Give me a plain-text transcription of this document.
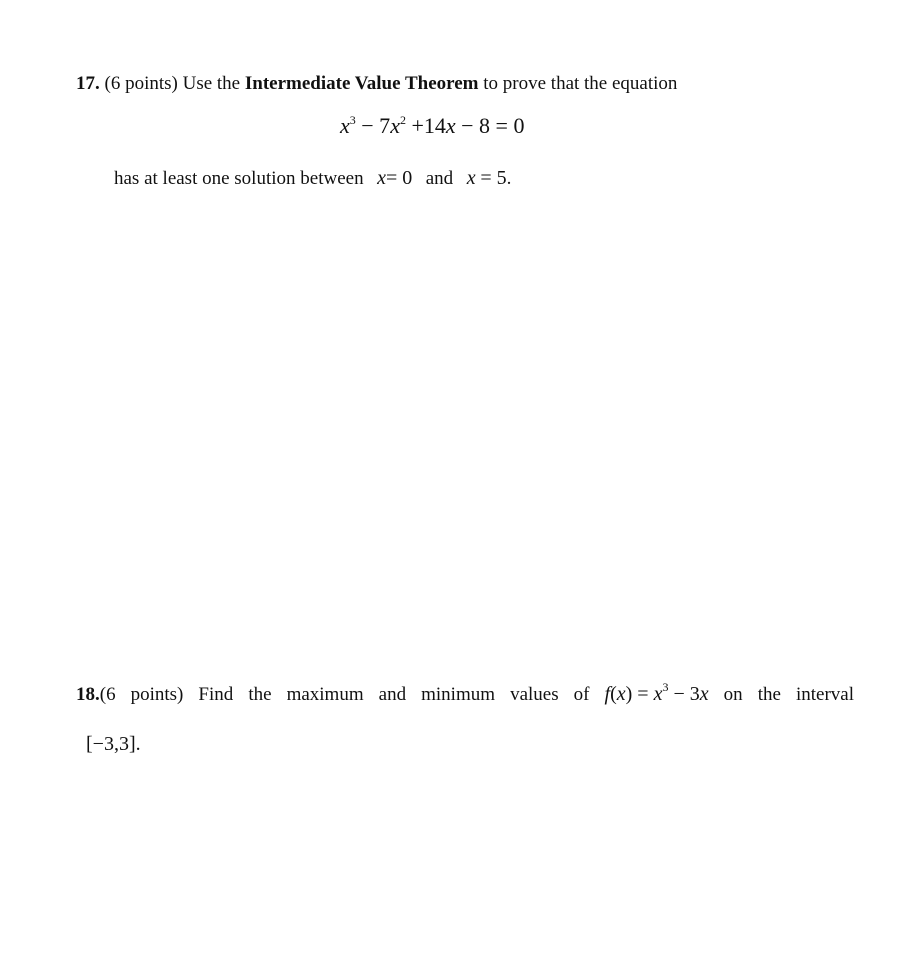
17. (6 points) Use the Intermediate Value Theorem to prove that the equation
$x^3 - 7x^2 +14x - 8 = 0$
has at least one solution between x= 0 and x = 5.
18.(6 points) Find the maximum and minimum values of $f(x) = x^3 - 3x$ on the interval
[−3,3].
